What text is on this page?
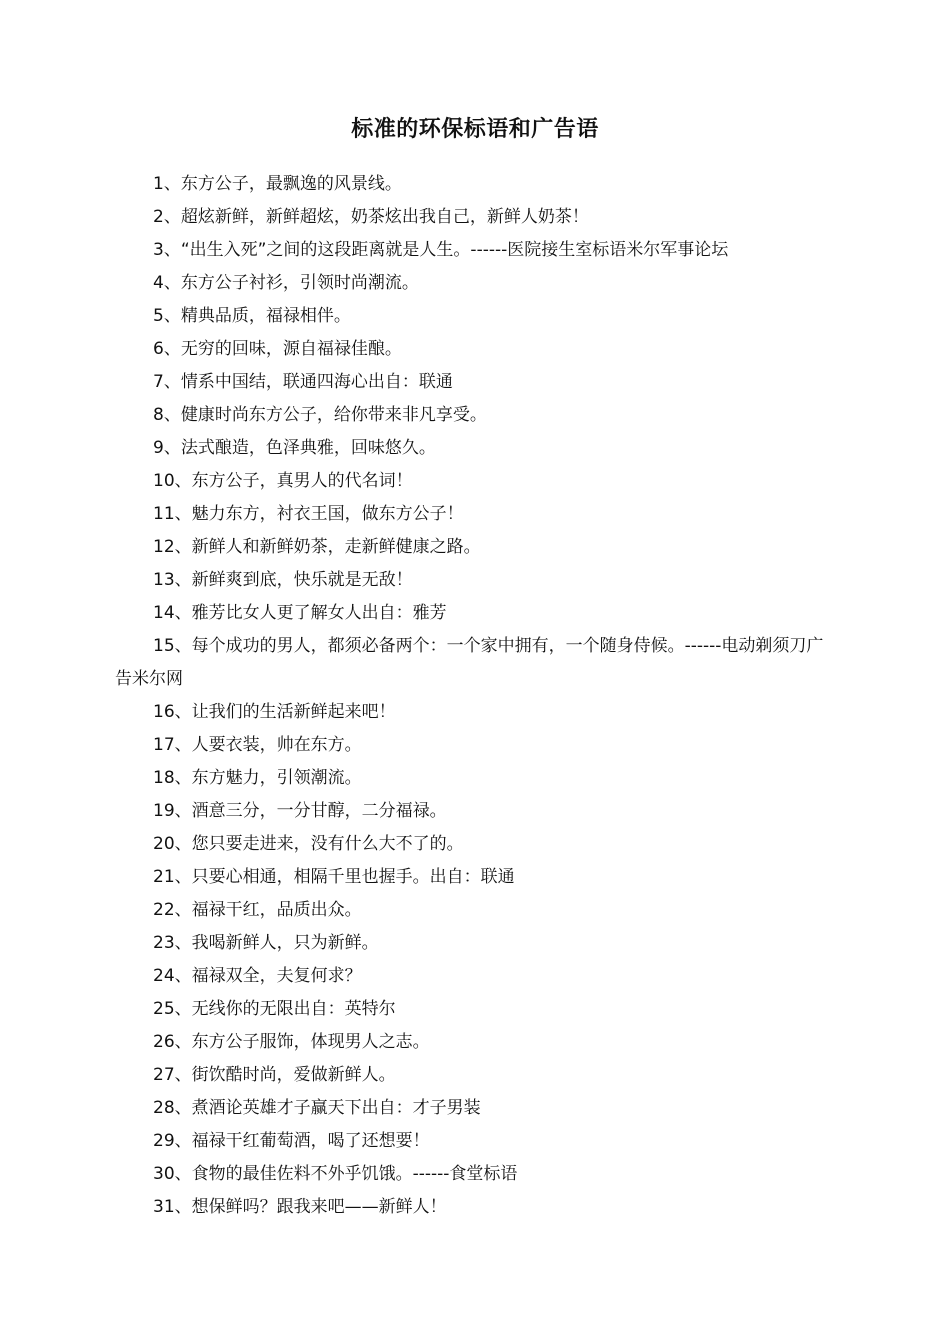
标准的环保标语和广告语
1、东方公子，最飘逸的风景线。
2、超炫新鲜，新鲜超炫，奶茶炫出我自己，新鲜人奶茶！
3、“出生入死”之间的这段距离就是人生。------医院接生室标语米尔军事论坛
4、东方公子衬衫，引领时尚潮流。
5、精典品质，福禄相伴。
6、无穷的回味，源自福禄佳酿。
7、情系中国结，联通四海心出自：联通
8、健康时尚东方公子，给你带来非凡享受。
9、法式酿造，色泽典雅，回味悠久。
10、东方公子，真男人的代名词！
11、魅力东方，衬衣王国，做东方公子！
12、新鲜人和新鲜奶茶，走新鲜健康之路。
13、新鲜爽到底，快乐就是无敌！
14、雅芳比女人更了解女人出自：雅芳
15、每个成功的男人，都须必备两个：一个家中拥有，一个随身侍候。------电动剃须刀广告米尔网
16、让我们的生活新鲜起来吧！
17、人要衣装，帅在东方。
18、东方魅力，引领潮流。
19、酒意三分，一分甘醇，二分福禄。
20、您只要走进来，没有什么大不了的。
21、只要心相通，相隔千里也握手。出自：联通
22、福禄干红，品质出众。
23、我喝新鲜人，只为新鲜。
24、福禄双全，夫复何求？
25、无线你的无限出自：英特尔
26、东方公子服饰，体现男人之志。
27、街饮酷时尚，爱做新鲜人。
28、煮酒论英雄才子赢天下出自：才子男装
29、福禄干红葡萄酒，喝了还想要！
30、食物的最佳佐料不外乎饥饿。------食堂标语
31、想保鲜吗？跟我来吧——新鲜人！
